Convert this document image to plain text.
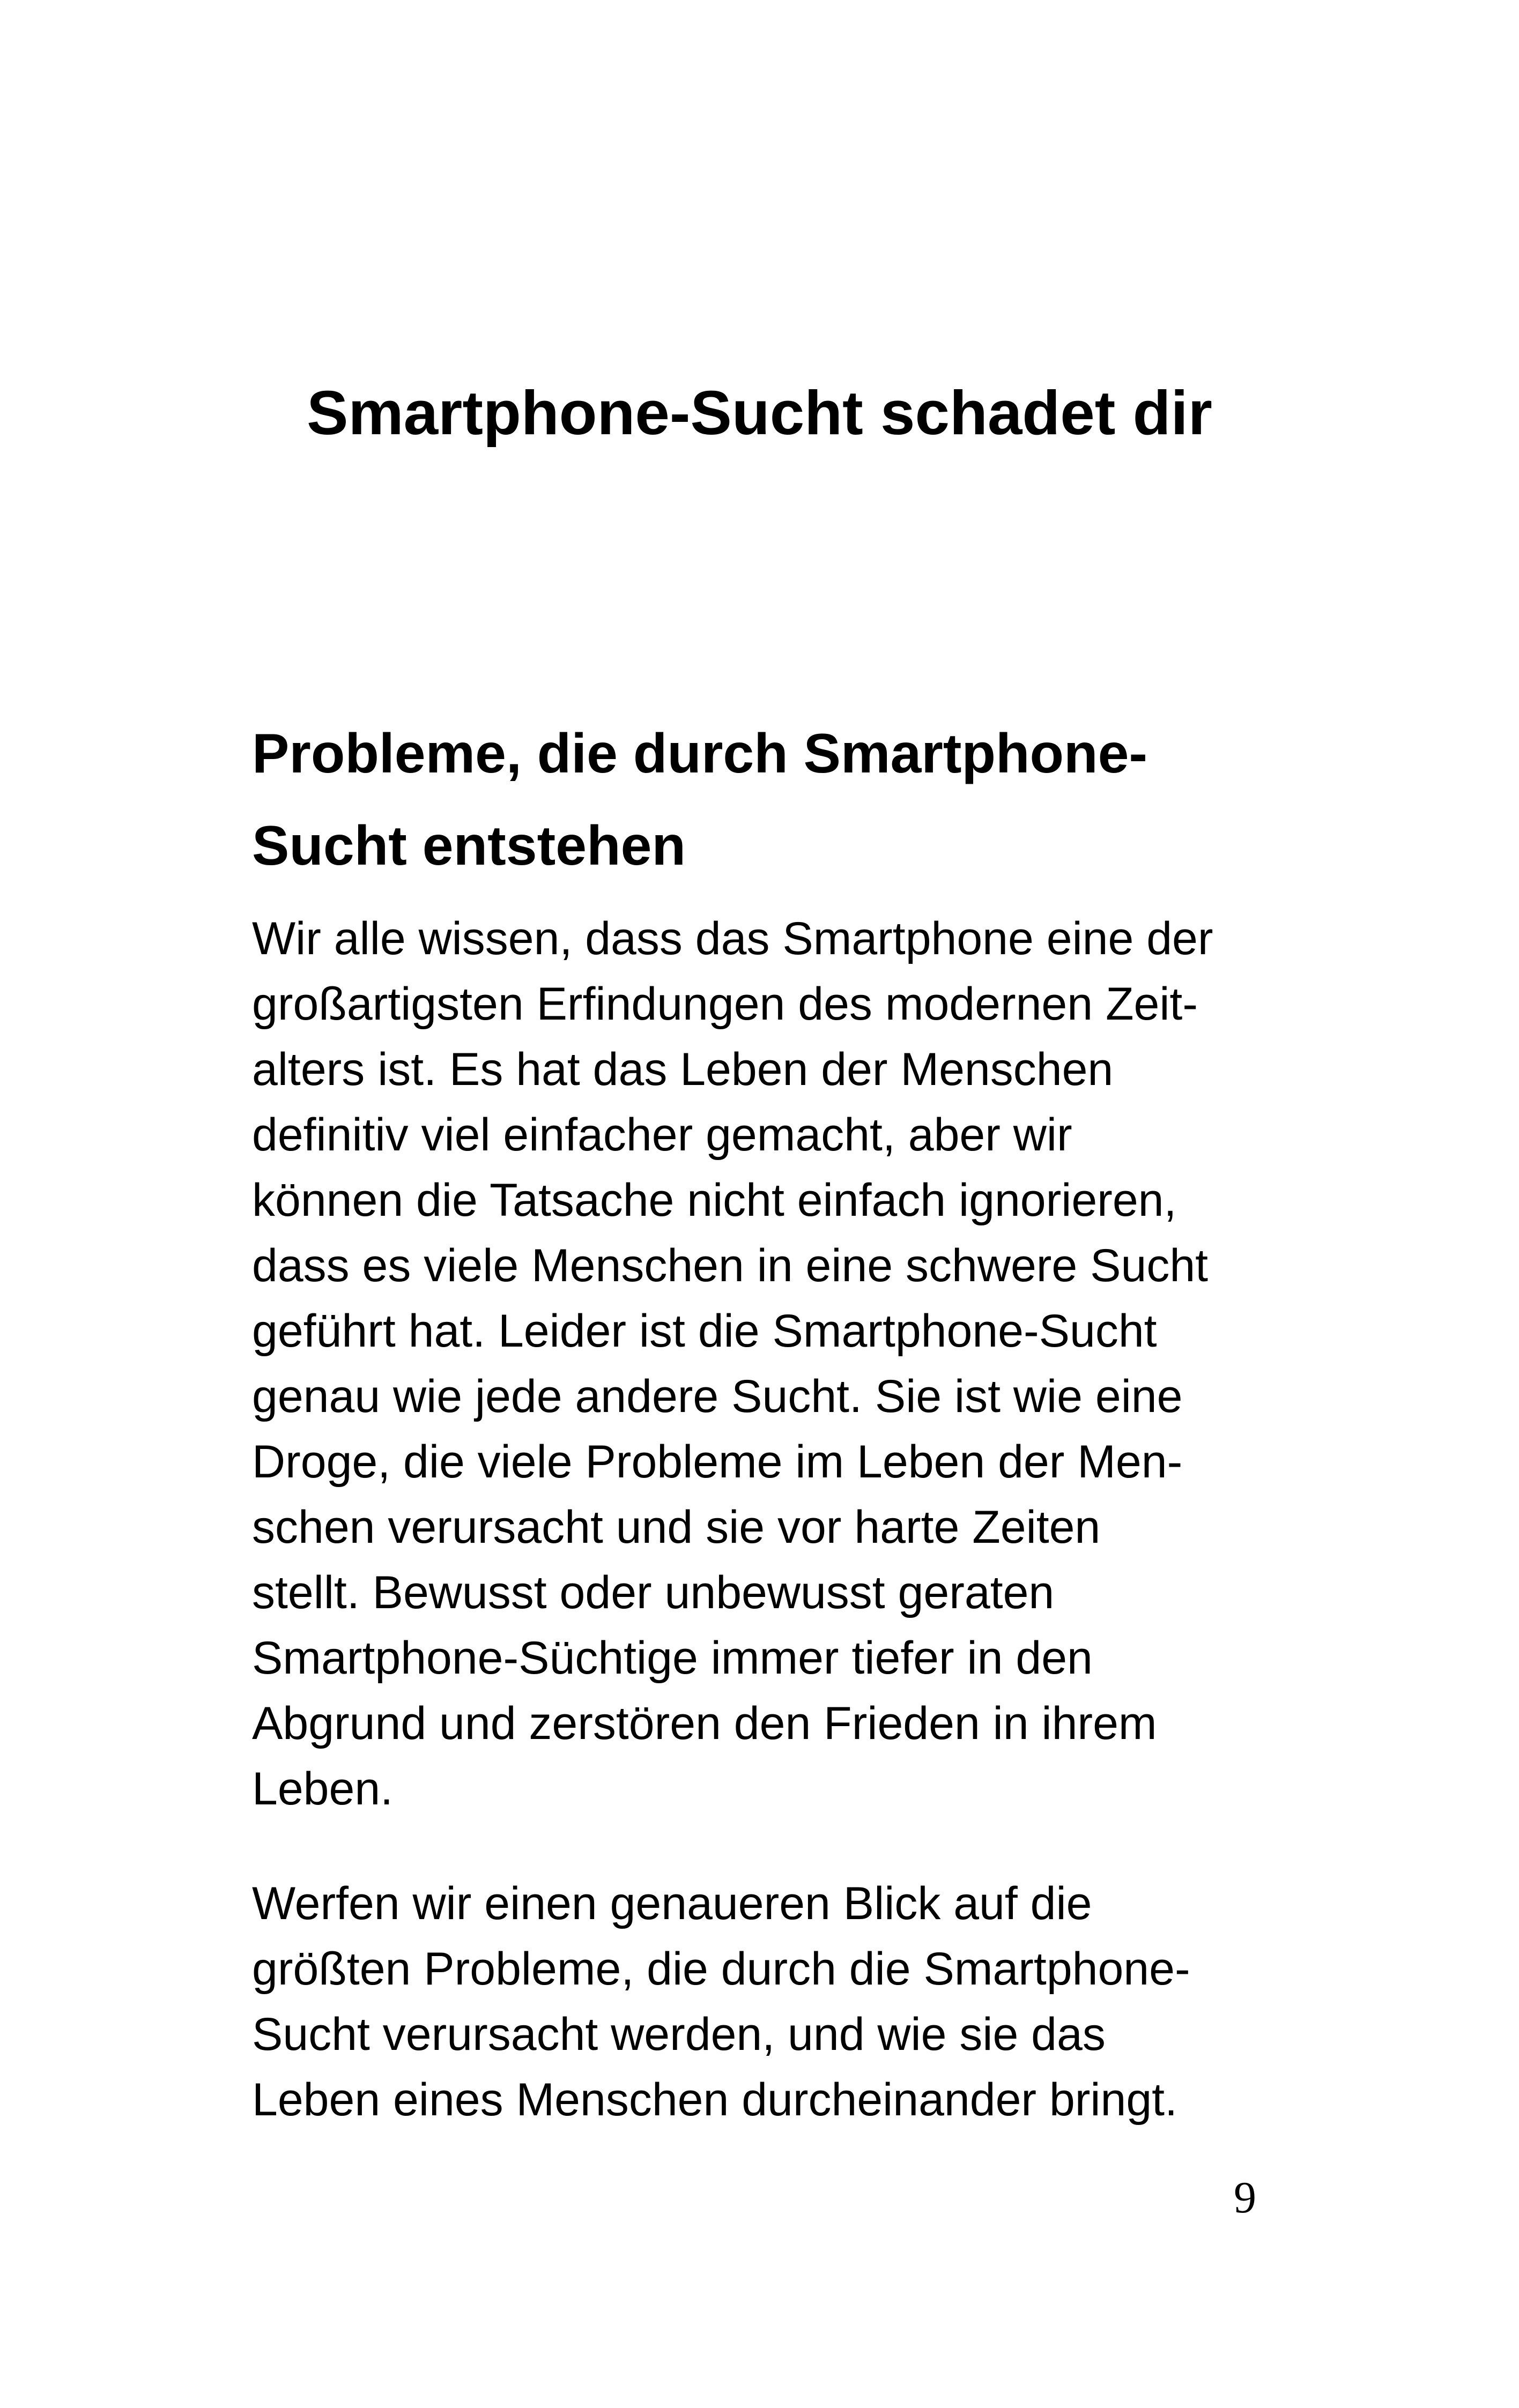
Smartphone-Sucht schadet dir
Probleme, die durch Smartphone-
Sucht entstehen

Wir alle wissen, dass das Smartphone eine der
großartigsten Erfindungen des modernen Zeit-
alters ist. Es hat das Leben der Menschen
definitiv viel einfacher gemacht, aber wir
können die Tatsache nicht einfach ignorieren,
dass es viele Menschen in eine schwere Sucht
geführt hat. Leider ist die Smartphone-Sucht
genau wie jede andere Sucht. Sie ist wie eine
Droge, die viele Probleme im Leben der Men-
schen verursacht und sie vor harte Zeiten
stellt. Bewusst oder unbewusst geraten
Smartphone-Süchtige immer tiefer in den
Abgrund und zerstören den Frieden in ihrem
Leben.

Werfen wir einen genaueren Blick auf die
größten Probleme, die durch die Smartphone-
Sucht verursacht werden, und wie sie das
Leben eines Menschen durcheinander bringt.

9
